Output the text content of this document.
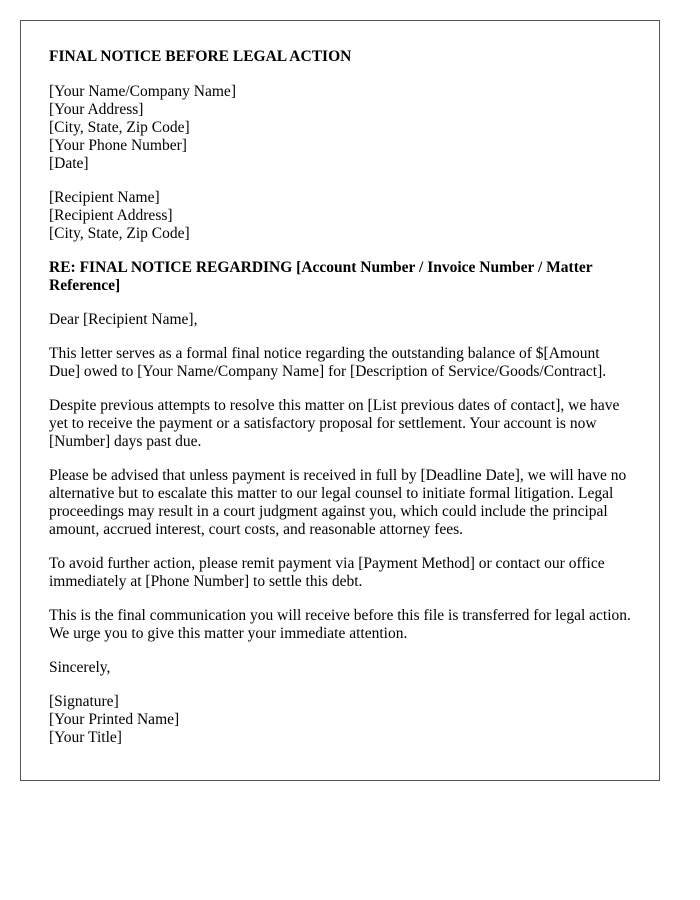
FINAL NOTICE BEFORE LEGAL ACTION
[Your Name/Company Name]
[Your Address]
[City, State, Zip Code]
[Your Phone Number]
[Date]
[Recipient Name]
[Recipient Address]
[City, State, Zip Code]
RE: FINAL NOTICE REGARDING [Account Number / Invoice Number / Matter Reference]

Dear [Recipient Name],

This letter serves as a formal final notice regarding the outstanding balance of $[Amount Due] owed to [Your Name/Company Name] for [Description of Service/Goods/Contract].

Despite previous attempts to resolve this matter on [List previous dates of contact], we have yet to receive the payment or a satisfactory proposal for settlement. Your account is now [Number] days past due.

Please be advised that unless payment is received in full by [Deadline Date], we will have no alternative but to escalate this matter to our legal counsel to initiate formal litigation. Legal proceedings may result in a court judgment against you, which could include the principal amount, accrued interest, court costs, and reasonable attorney fees.

To avoid further action, please remit payment via [Payment Method] or contact our office immediately at [Phone Number] to settle this debt.

This is the final communication you will receive before this file is transferred for legal action. We urge you to give this matter your immediate attention.

Sincerely,

[Signature]
[Your Printed Name]
[Your Title]
